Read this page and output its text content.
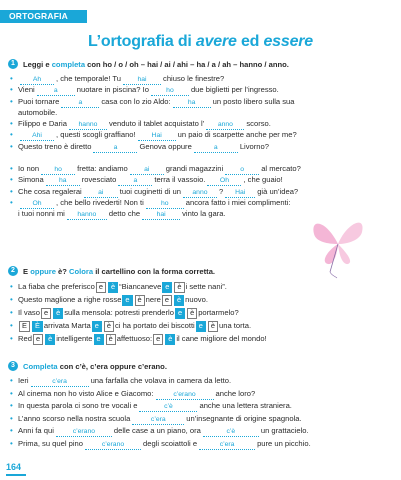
ORTOGRAFIA
L’ortografia di avere ed essere
1	Leggi e completa con ho / o / oh – hai / ai / ahi – ha / a / ah – hanno / anno.
•	Ah	, che temporale! Tu	hai	chiuso le finestre?
• Vieni	a	nuotare in piscina? Io	ho	due biglietti per l’ingresso.
• Puoi tornare	a	casa con lo zio Aldo:	ha	un posto libero sulla sua
automobile.
• Filippo e Daria	hanno	venduto il tablet acquistato l’	anno	scorso.
•	Ahi	, questi scogli graffiano!	Hai	un paio di scarpette anche per me?
• Questo treno è diretto	a	Genova oppure	a	Livorno?
• Io non	ho	fretta: andiamo	ai	grandi magazzini	o	al mercato?
• Simona	ha	rovesciato	a	terra il vassoio.	Oh	, che guaio!
• Che cosa regalerai	ai	tuoi cuginetti di un	anno	?	Hai	già un’idea?
•	Oh	, che bello rivederti! Non ti	ho	ancora fatto i miei complimenti:
i tuoi nonni mi	hanno	detto che	hai	vinto la gara.
2	E oppure è? Colora il cartellino con la forma corretta.
• La fiaba che preferisco e	è “Biancaneve e	è i sette nani”.
• Questo maglione a righe rosse e	è nere e	è nuovo.
• Il vaso e	è sulla mensola: potresti prenderlo e	è portarmelo?
•	E	È arrivata Marta e	è ci ha portato dei biscotti e	è una torta.
• Red e	è intelligente e	è affettuoso: e	è il cane migliore del mondo!
3	Completa con c’è, c’era oppure c’erano.
• Ieri	c’era	una farfalla che volava in camera da letto.
• Al cinema non ho visto Alice e Giacomo:	c’erano	anche loro?
• In questa parola ci sono tre vocali e	c’è	anche una lettera straniera.
• L’anno scorso nella nostra scuola	c’era	un’insegnante di origine spagnola.
• Anni fa qui	c’erano	delle case a un piano, ora	c’è	un grattacielo.
• Prima, su quel pino	c’erano	degli scoiattoli e	c’era	pure un picchio.
164
